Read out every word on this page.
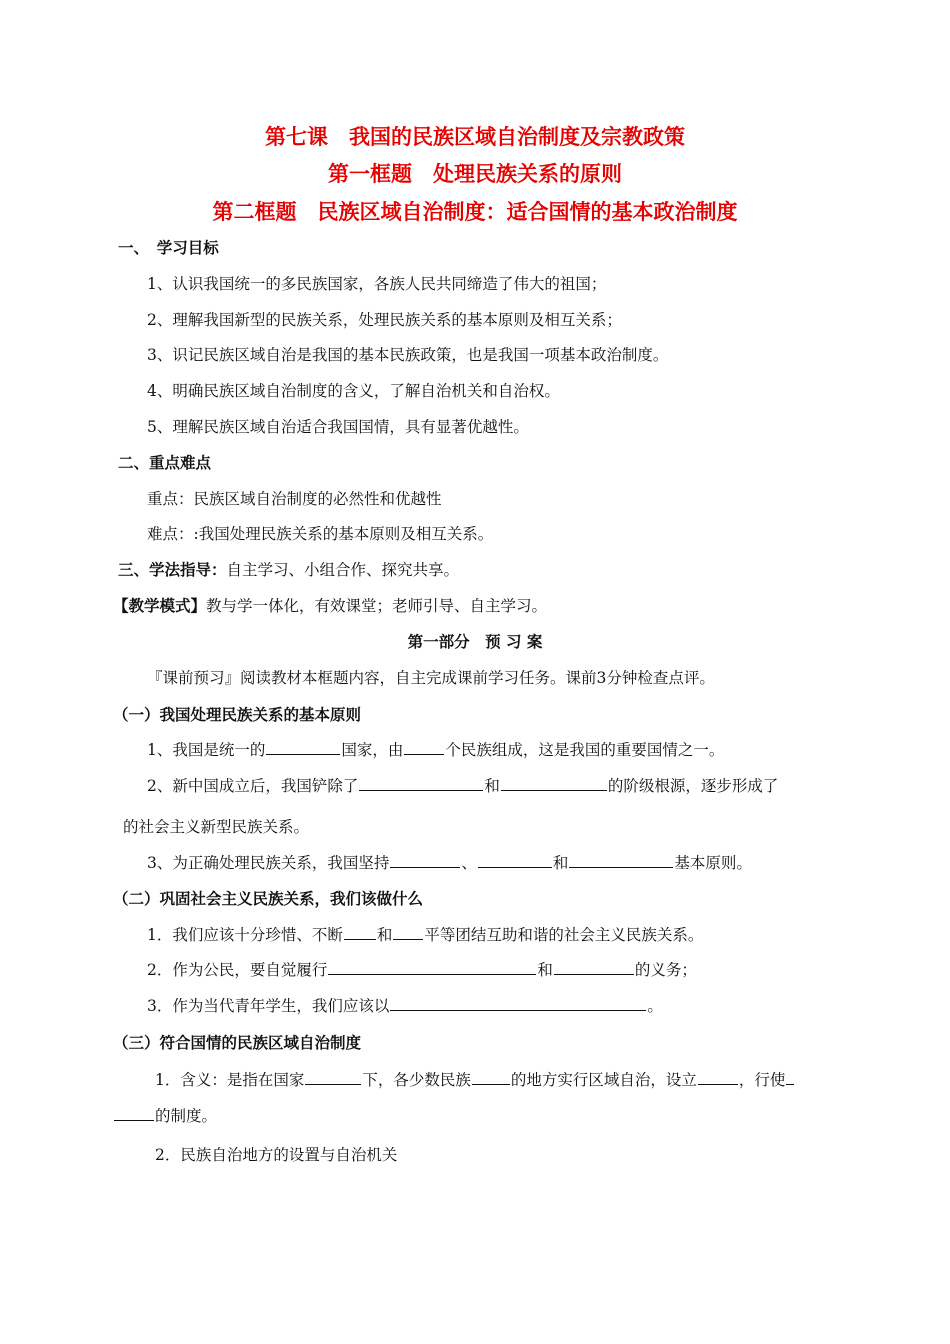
第七课　我国的民族区域自治制度及宗教政策
第一框题　处理民族关系的原则
第二框题　民族区域自治制度：适合国情的基本政治制度
一、　学习目标
1、认识我国统一的多民族国家，各族人民共同缔造了伟大的祖国；
2、理解我国新型的民族关系，处理民族关系的基本原则及相互关系；
3、识记民族区域自治是我国的基本民族政策，也是我国一项基本政治制度。
4、明确民族区域自治制度的含义，了解自治机关和自治权。
5、理解民族区域自治适合我国国情，具有显著优越性。
二、重点难点
重点：民族区域自治制度的必然性和优越性
难点：:我国处理民族关系的基本原则及相互关系。
三、学法指导：自主学习、小组合作、探究共享。
【教学模式】教与学一体化，有效课堂；老师引导、自主学习。
第一部分　预 习 案
『课前预习』阅读教材本框题内容，自主完成课前学习任务。课前3分钟检查点评。
（一）我国处理民族关系的基本原则
1、我国是统一的	国家，由	个民族组成，这是我国的重要国情之一。
2、新中国成立后，我国铲除了	和	的阶级根源，逐步形成了
的社会主义新型民族关系。
3、为正确处理民族关系，我国坚持	、	和	基本原则。
（二）巩固社会主义民族关系，我们该做什么
1．我们应该十分珍惜、不断 和 平等团结互助和谐的社会主义民族关系。
2．作为公民，要自觉履行	和	的义务；
3．作为当代青年学生，我们应该以	。
（三）符合国情的民族区域自治制度
1．含义：是指在国家	下，各少数民族	的地方实行区域自治，设立	，行使
的制度。
2．民族自治地方的设置与自治机关
